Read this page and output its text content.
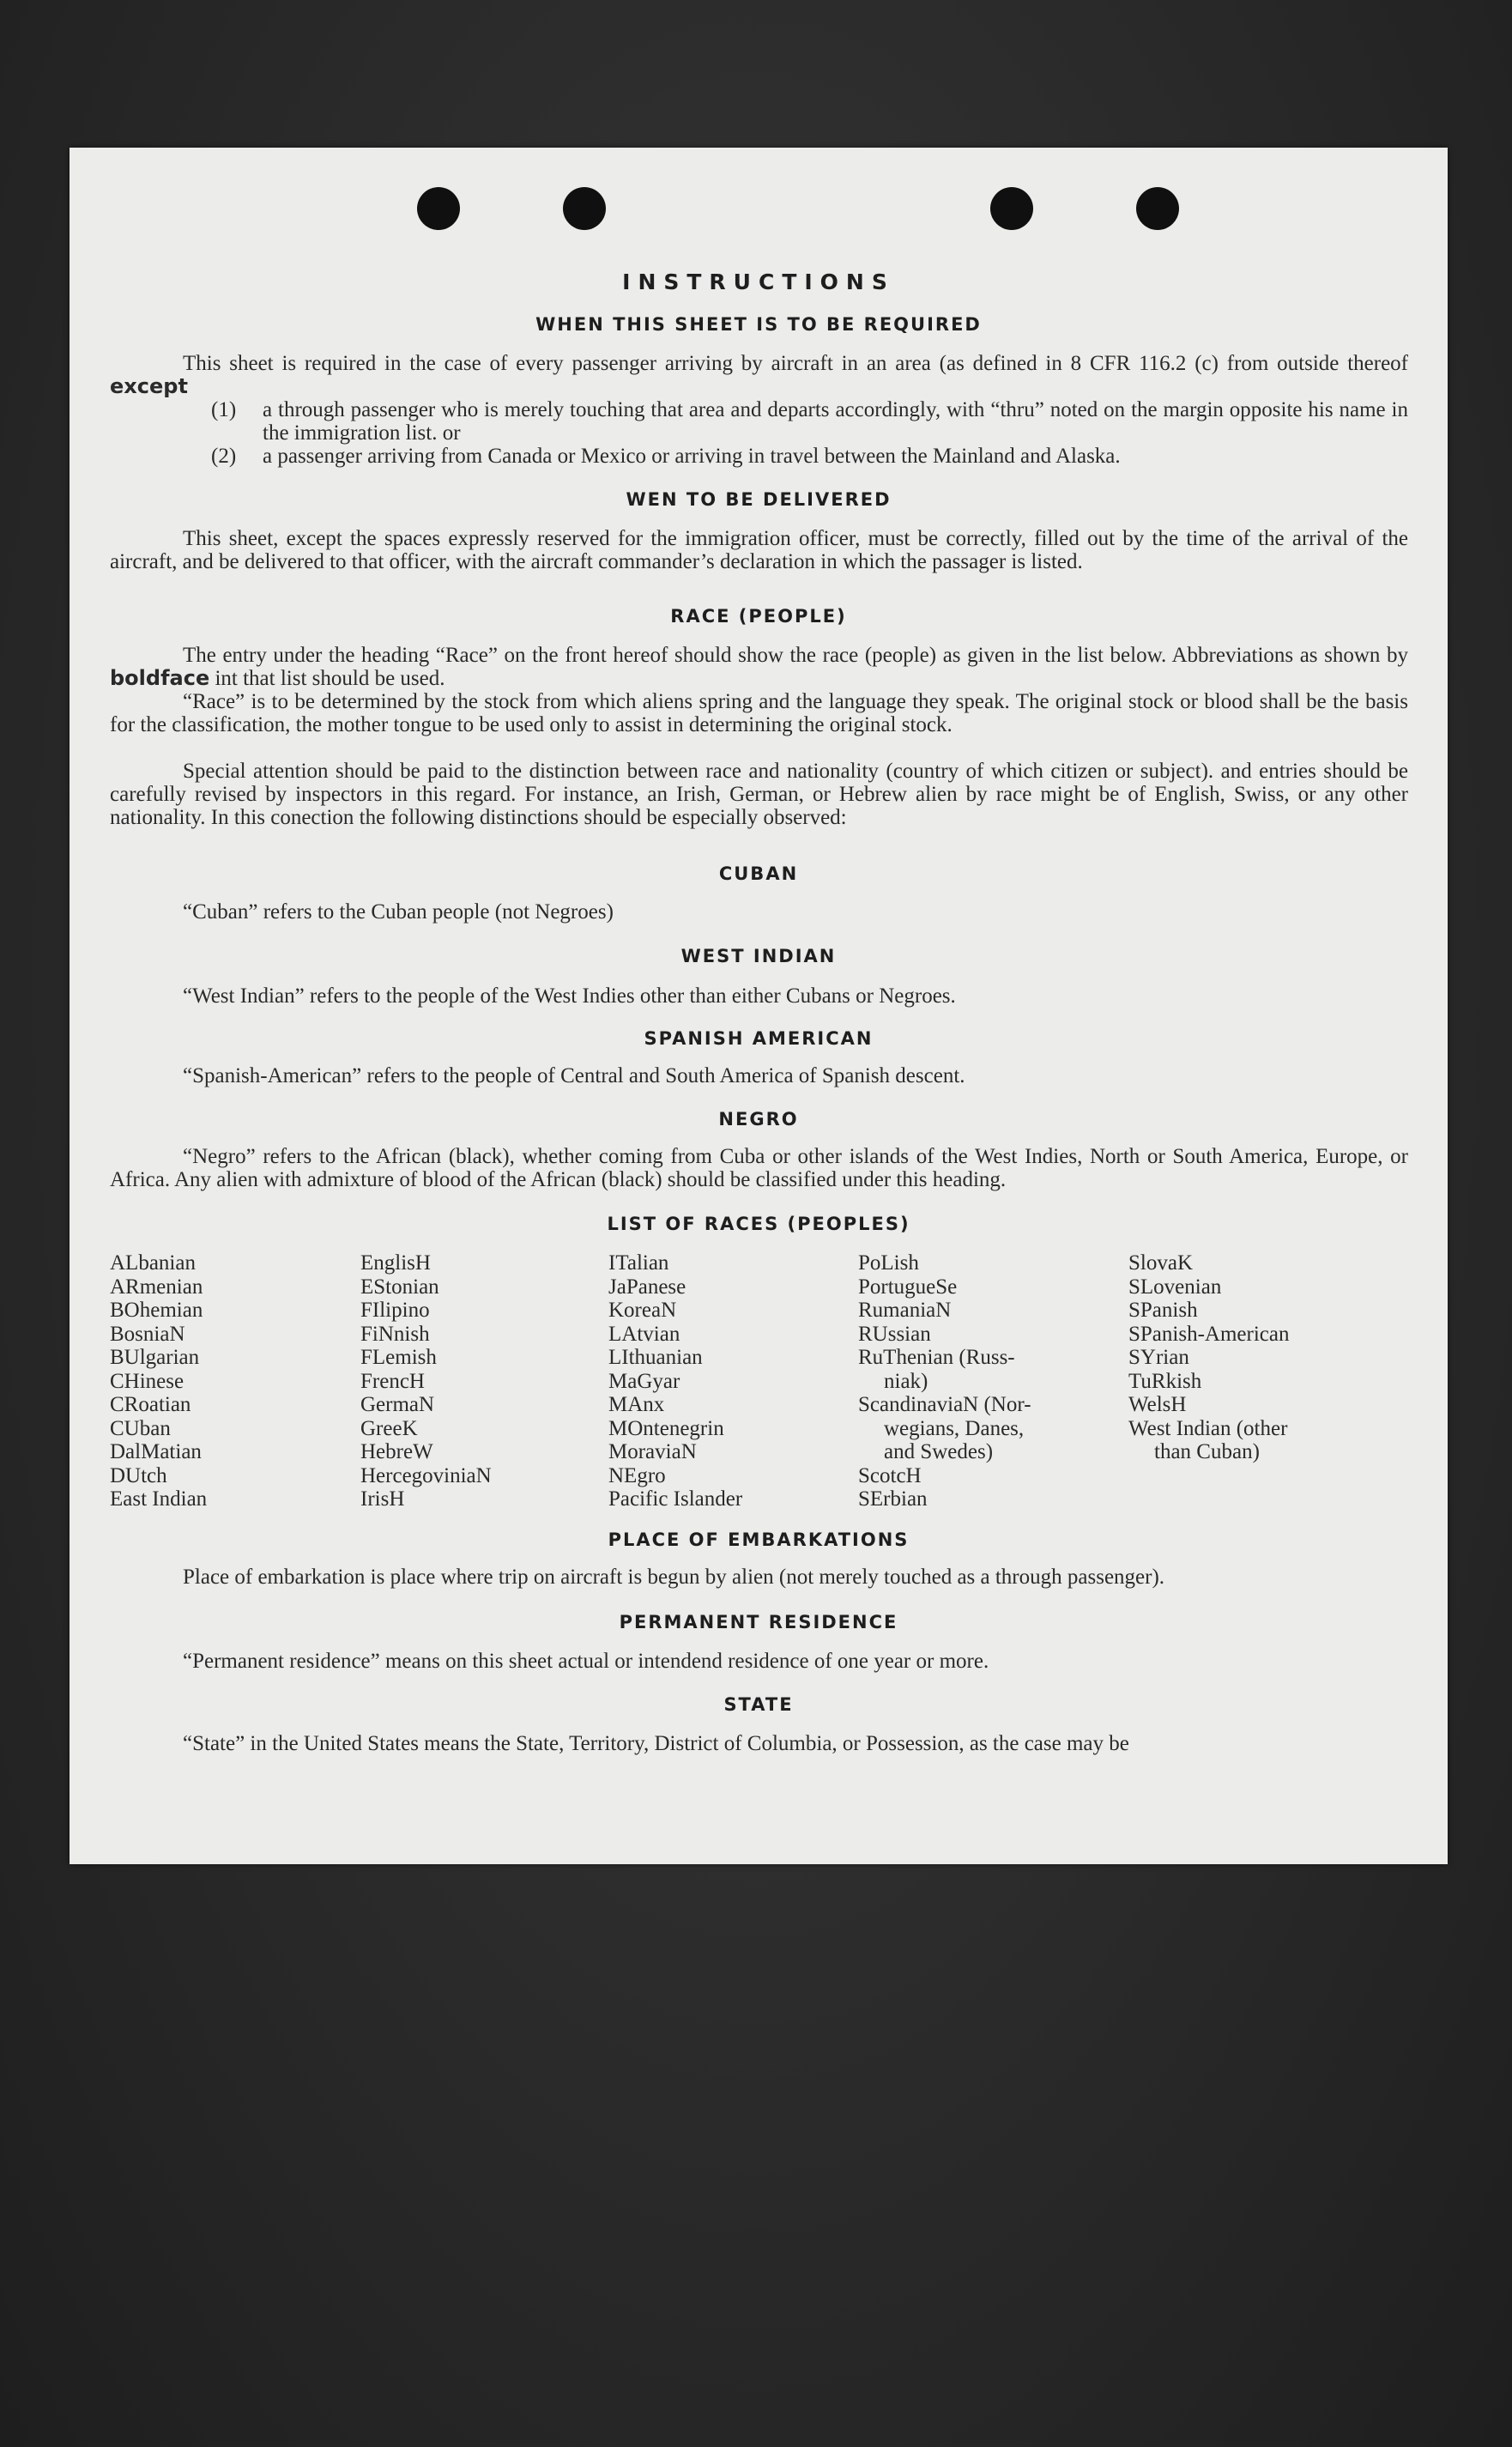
INSTRUCTIONS
WHEN THIS SHEET IS TO BE REQUIRED
This sheet is required in the case of every passenger arriving by aircraft in an area (as defined in 8 CFR 116.2 (c) from outside thereof except
(1) a through passenger who is merely touching that area and departs accordingly, with “thru” noted on the margin opposite his name in the immigration list. or
(2) a passenger arriving from Canada or Mexico or arriving in travel between the Mainland and Alaska.
WEN TO BE DELIVERED
This sheet, except the spaces expressly reserved for the immigration officer, must be correctly, filled out by the time of the arrival of the aircraft, and be delivered to that officer, with the aircraft commander’s declaration in which the passager is listed.
RACE (PEOPLE)
The entry under the heading “Race” on the front hereof should show the race (people) as given in the list below. Abbreviations as shown by boldface int that list should be used.
“Race” is to be determined by the stock from which aliens spring and the language they speak. The original stock or blood shall be the basis for the classification, the mother tongue to be used only to assist in determining the original stock.
Special attention should be paid to the distinction between race and nationality (country of which citizen or subject). and entries should be carefully revised by inspectors in this regard. For instance, an Irish, German, or Hebrew alien by race might be of English, Swiss, or any other nationality. In this conection the following distinctions should be especially observed:
CUBAN
“Cuban” refers to the Cuban people (not Negroes)
WEST INDIAN
“West Indian” refers to the people of the West Indies other than either Cubans or Negroes.
SPANISH AMERICAN
“Spanish-American” refers to the people of Central and South America of Spanish descent.
NEGRO
“Negro” refers to the African (black), whether coming from Cuba or other islands of the West Indies, North or South America, Europe, or Africa. Any alien with admixture of blood of the African (black) should be classified under this heading.
LIST OF RACES (PEOPLES)
ALbanian
ARmenian
BOhemian
BosniaN
BUlgarian
CHinese
CRoatian
CUban
DalMatian
DUtch
East Indian
EnglisH
EStonian
FIlipino
FiNnish
FLemish
FrencH
GermaN
GreeK
HebreW
HercegoviniaN
IrisH
ITalian
JaPanese
KoreaN
LAtvian
LIthuanian
MaGyar
MAnx
MOntenegrin
MoraviaN
NEgro
Pacific Islander
PoLish
PortugueSe
RumaniaN
RUssian
RuThenian (Russ-
niak)
ScandinaviaN (Nor-
wegians, Danes,
and Swedes)
ScotcH
SErbian
SlovaK
SLovenian
SPanish
SPanish-American
SYrian
TuRkish
WelsH
West Indian (other
than Cuban)
PLACE OF EMBARKATIONS
Place of embarkation is place where trip on aircraft is begun by alien (not merely touched as a through passenger).
PERMANENT RESIDENCE
“Permanent residence” means on this sheet actual or intendend residence of one year or more.
STATE
“State” in the United States means the State, Territory, District of Columbia, or Possession, as the case may be
